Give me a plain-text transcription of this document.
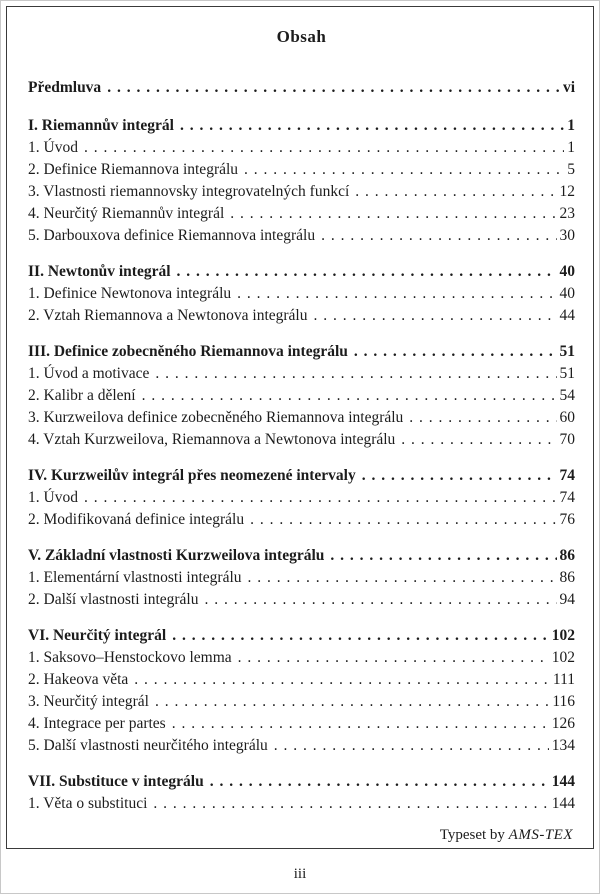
Obsah
Předmluva . . .	vi
I. Riemannův integrál . . .	1
1. Úvod . . .	1
2. Definice Riemannova integrálu . . .	5
3. Vlastnosti riemannovsky integrovatelných funkcí . . .	12
4. Neurčitý Riemannův integrál . . .	23
5. Darbouxova definice Riemannova integrálu . . .	30
II. Newtonův integrál . . .	40
1. Definice Newtonova integrálu . . .	40
2. Vztah Riemannova a Newtonova integrálu . . .	44
III. Definice zobecněného Riemannova integrálu . . .	51
1. Úvod a motivace . . .	51
2. Kalibr a dělení . . .	54
3. Kurzweilova definice zobecněného Riemannova integrálu . . .	60
4. Vztah Kurzweilova, Riemannova a Newtonova integrálu . . .	70
IV. Kurzweilův integrál přes neomezené intervaly . . .	74
1. Úvod . . .	74
2. Modifikovaná definice integrálu . . .	76
V. Základní vlastnosti Kurzweilova integrálu . . .	86
1. Elementární vlastnosti integrálu . . .	86
2. Další vlastnosti integrálu . . .	94
VI. Neurčitý integrál . . .	102
1. Saksovo–Henstockovo lemma . . .	102
2. Hakeova věta . . .	111
3. Neurčitý integrál . . .	116
4. Integrace per partes . . .	126
5. Další vlastnosti neurčitého integrálu . . .	134
VII. Substituce v integrálu . . .	144
1. Věta o substituci . . .	144
Typeset by AMS-TEX
iii
